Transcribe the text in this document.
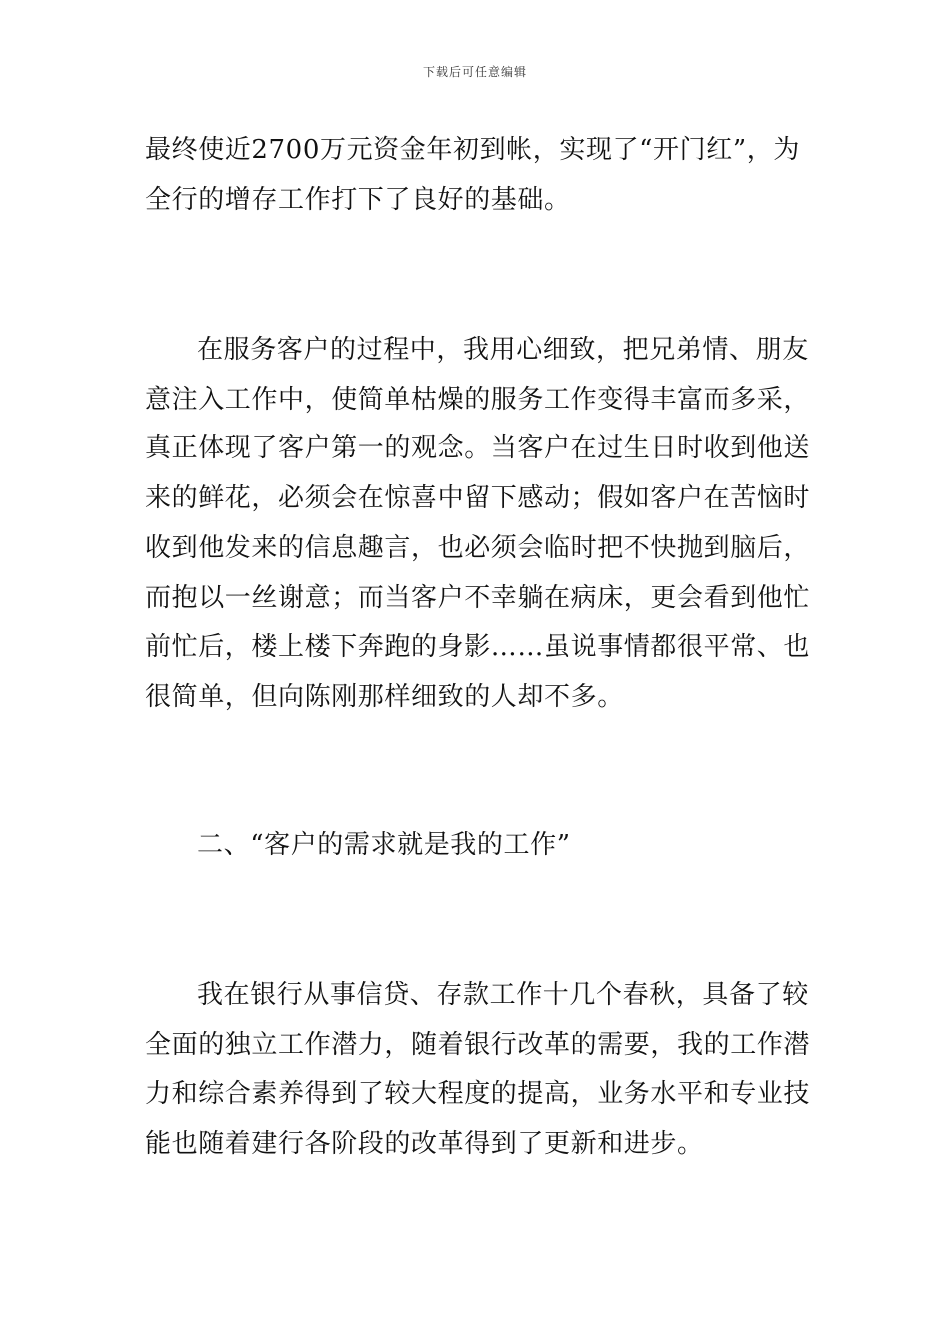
下载后可任意编辑
最终使近2700万元资金年初到帐，实现了“开门红”，为
全行的增存工作打下了良好的基础。
在服务客户的过程中，我用心细致，把兄弟情、朋友
意注入工作中，使简单枯燥的服务工作变得丰富而多采，
真正体现了客户第一的观念。当客户在过生日时收到他送
来的鲜花，必须会在惊喜中留下感动；假如客户在苦恼时
收到他发来的信息趣言，也必须会临时把不快抛到脑后，
而抱以一丝谢意；而当客户不幸躺在病床，更会看到他忙
前忙后，楼上楼下奔跑的身影……虽说事情都很平常、也
很简单，但向陈刚那样细致的人却不多。
二、“客户的需求就是我的工作”
我在银行从事信贷、存款工作十几个春秋，具备了较
全面的独立工作潜力，随着银行改革的需要，我的工作潜
力和综合素养得到了较大程度的提高，业务水平和专业技
能也随着建行各阶段的改革得到了更新和进步。
